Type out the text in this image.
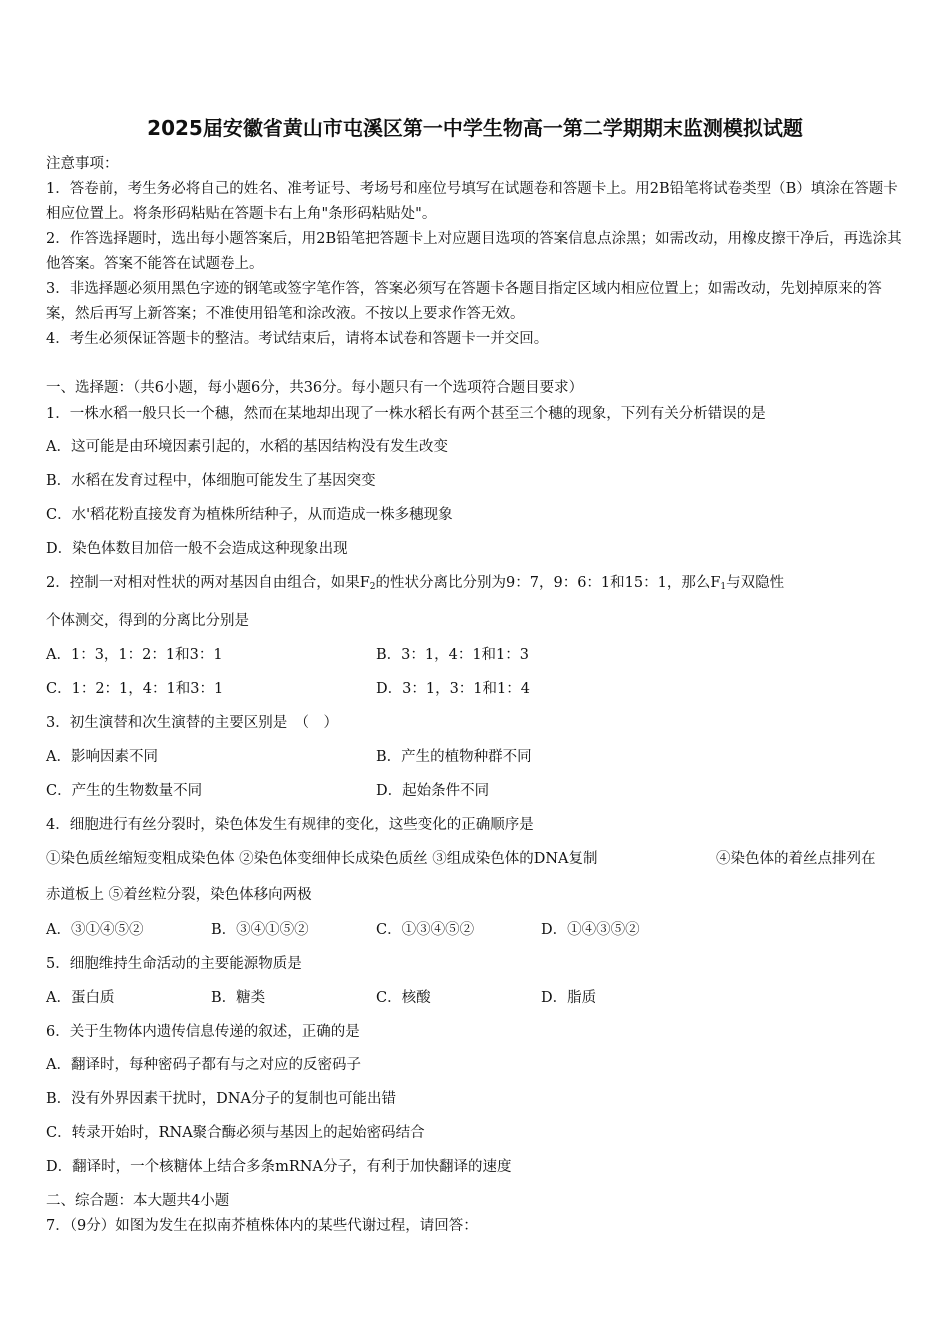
2025届安徽省黄山市屯溪区第一中学生物高一第二学期期末监测模拟试题

注意事项：

1．答卷前，考生务必将自己的姓名、准考证号、考场号和座位号填写在试题卷和答题卡上。用2B铅笔将试卷类型（B）填涂在答题卡相应位置上。将条形码粘贴在答题卡右上角"条形码粘贴处"。

2．作答选择题时，选出每小题答案后，用2B铅笔把答题卡上对应题目选项的答案信息点涂黑；如需改动，用橡皮擦干净后，再选涂其他答案。答案不能答在试题卷上。

3．非选择题必须用黑色字迹的钢笔或签字笔作答，答案必须写在答题卡各题目指定区域内相应位置上；如需改动，先划掉原来的答案，然后再写上新答案；不准使用铅笔和涂改液。不按以上要求作答无效。

4．考生必须保证答题卡的整洁。考试结束后，请将本试卷和答题卡一并交回。

一、选择题：（共6小题，每小题6分，共36分。每小题只有一个选项符合题目要求）
1．一株水稻一般只长一个穗，然而在某地却出现了一株水稻长有两个甚至三个穗的现象，下列有关分析错误的是
A．这可能是由环境因素引起的，水稻的基因结构没有发生改变
B．水稻在发育过程中，体细胞可能发生了基因突变
C．水'稻花粉直接发育为植株所结种子，从而造成一株多穗现象
D．染色体数目加倍一般不会造成这种现象出现
2．控制一对相对性状的两对基因自由组合，如果$F_2$的性状分离比分别为9：7，9：6：1和15：1，那么$F_1$与双隐性
个体测交，得到的分离比分别是
A．1：3，1：2：1和3：1	B．3：1，4：1和1：3
C．1：2：1，4：1和3：1	D．3：1，3：1和1：4
3．初生演替和次生演替的主要区别是　（　）
A．影响因素不同	B．产生的植物种群不同
C．产生的生物数量不同	D．起始条件不同
4．细胞进行有丝分裂时，染色体发生有规律的变化，这些变化的正确顺序是
①染色质丝缩短变粗成染色体 ②染色体变细伸长成染色质丝 ③组成染色体的DNA复制	④染色体的着丝点排列在
赤道板上 ⑤着丝粒分裂，染色体移向两极
A．③①④⑤②	B．③④①⑤②	C．①③④⑤②	D．①④③⑤②
5．细胞维持生命活动的主要能源物质是
A．蛋白质	B．糖类	C．核酸	D．脂质
6．关于生物体内遗传信息传递的叙述，正确的是
A．翻译时，每种密码子都有与之对应的反密码子
B．没有外界因素干扰时，DNA分子的复制也可能出错
C．转录开始时，RNA聚合酶必须与基因上的起始密码结合
D．翻译时，一个核糖体上结合多条mRNA分子，有利于加快翻译的速度
二、综合题：本大题共4小题
7．（9分）如图为发生在拟南芥植株体内的某些代谢过程，请回答：
